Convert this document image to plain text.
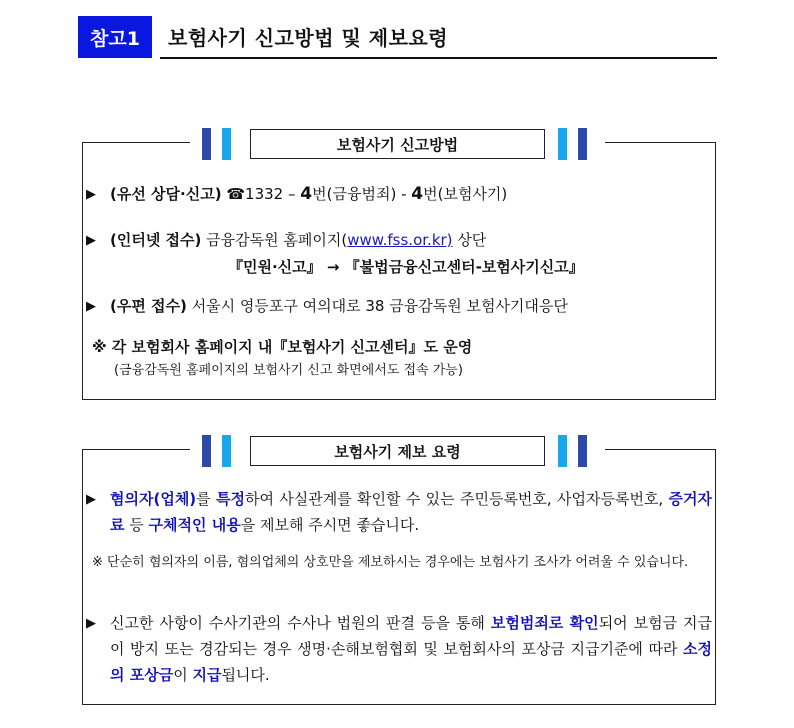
참고1	보험사기 신고방법 및 제보요령
보험사기 신고방법
▶ (유선 상담·신고) ☎1332 – 4번(금융범죄) - 4번(보험사기)
▶ (인터넷 접수) 금융감독원 홈페이지(www.fss.or.kr) 상단
『민원·신고』 → 『불법금융신고센터-보험사기신고』
▶ (우편 접수) 서울시 영등포구 여의대로 38 금융감독원 보험사기대응단
※ 각 보험회사 홈페이지 내『보험사기 신고센터』도 운영
(금융감독원 홈페이지의 보험사기 신고 화면에서도 접속 가능)
보험사기 제보 요령
▶ 혐의자(업체)를 특정하여 사실관계를 확인할 수 있는 주민등록번호, 사업자등록번호, 증거자료 등 구체적인 내용을 제보해 주시면 좋습니다.
※ 단순히 혐의자의 이름, 혐의업체의 상호만을 제보하시는 경우에는 보험사기 조사가 어려울 수 있습니다.
▶ 신고한 사항이 수사기관의 수사나 법원의 판결 등을 통해 보험범죄로 확인되어 보험금 지급이 방지 또는 경감되는 경우 생명·손해보험협회 및 보험회사의 포상금 지급기준에 따라 소정의 포상금이 지급됩니다.
